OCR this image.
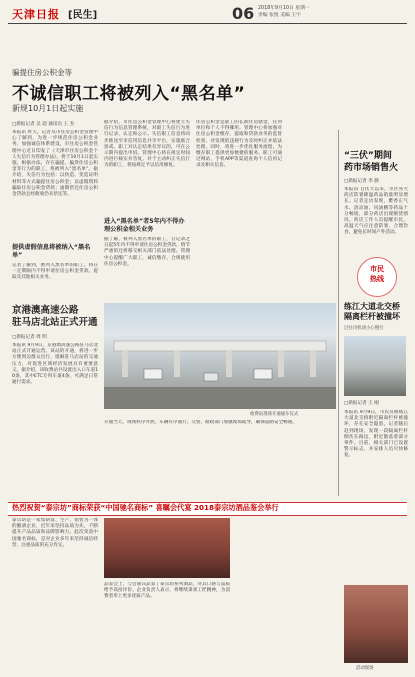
天津日报 [民生]	06 2018年9月10日 星期一
责编 张悦 美编 王宇
骗提住房公积金等
不诚信职工将被列入“黑名单”
新规10月1日起实施
□新报记者 吴 超 通讯员 王 杰
本报讯 昨天，记者从市住房公积金管理中心了解到，为进一步规范住房公积金业务，加强诚信体系建设，市住房公积金管理中心近日印发了《天津市住房公积金个人失信行为管理办法》，将于10月1日起实施。根据办法，存在骗提、骗贷住房公积金等行为的职工，将被列入“黑名单”。据介绍，失信行为包括：以伪造、变造证明材料等方式骗提住房公积金；以虚假资料骗取住房公积金贷款；逾期偿还住房公积金贷款且经催收仍未偿还等。
提供虚假信息将被纳入“黑名单”
记者了解到，被列入黑名单的职工，将在一定期限内不得申请住房公积金贷款、提取及其他相关业务。
据介绍，市住房公积金管理中心将建立失信行为信息管理系统，对职工失信行为进行记录、认定和公示。失信职工信息将同步推送至市信用信息共享平台，实施联合惩戒。职工对认定结果有异议的，可在公示期内提出申诉。管理中心将在规定时间内进行核实并答复。对于主动纠正失信行为的职工，将按规定予以信用修复。
进入“黑名单”者5年内不得办理公积金相关业务
据了解，被列入黑名单的职工，自记录之日起5年内不得申请住房公积金贷款，情节严重的还将移交相关部门依法处理。管理中心提醒广大职工，诚信缴存、合规使用住房公积金。
住房公积金是职工的长期住房储金，任何单位和个人不得挪用。管理中心将加强对住房公积金缴存、提取和贷款业务的监督检查，对发现的违规行为及时纠正并依法处理。同时，将进一步优化服务流程，为缴存职工提供更加便捷的服务。职工可通过网站、手机APP等渠道查询个人信用记录及相关信息。
京港澳高速公路
驻马店北站正式开通
□新报记者 周 明
本报讯 9月9日，京港澳高速公路驻马店北站正式开通运营。该站的开通，将进一步方便周边群众出行，缓解驻马店站的交通压力，对促进区域经济发展具有重要意义。据介绍，该收费站共设置出入口车道10条，其中ETC专用车道4条，可满足日常通行需求。
收费站现场开通通车仪式
开通当天，现场秩序井然，车辆有序通行。交警、路政部门加强现场疏导，确保道路安全畅通。
“三伏”期间
药市场销售火
□新报记者 李 静
本报讯 自伏天以来，市区各大药店防暑降温药品销量明显增长。记者走访发现，藿香正气水、清凉油、风油精等药品十分畅销，部分药店出现断货情况。药店工作人员提醒市民，高温天气应注意防暑，合理饮食，避免长时间户外活动。
市民
热线
练江大道北交桥
隔离栏杆被撞坏
过往司机请小心慢行
□新报记者 王 刚
本报讯 9月9日，市民反映练江大道北交桥附近隔离栏杆被撞坏，存在安全隐患。记者随后赶到现场，发现一段隔离栏杆倒伏在路边，附近散落着部分零件。目前，相关部门已设置警示标志，并安排人员尽快修复。
热烈祝贺“泰宗坊”商标荣获“中国驰名商标” 喜瞩会代宴 2018泰宗坊酒品鉴会举行
泰宗坊是一家集研发、生产、销售为一体的酿酒企业，近年来坚持品质为先，不断提升产品品质和品牌影响力。此次荣获中国驰名商标，是对企业多年来坚持诚信经营、注重品质的充分肯定。
品鉴会上，与会嘉宾品鉴了泰宗坊系列酒品，对其口感与品质给予高度评价。企业负责人表示，将继续秉承工匠精神，为消费者奉上更多优质产品。
活动现场
